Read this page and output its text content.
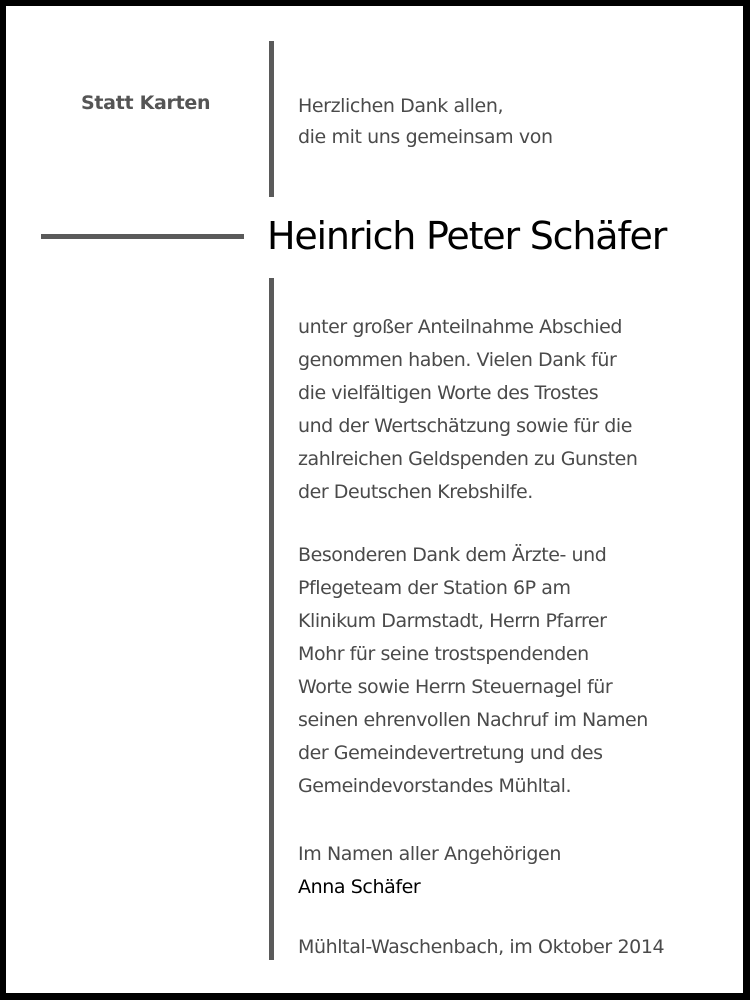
Statt Karten	Herzlichen Dank allen,
die mit uns gemeinsam von
Heinrich Peter Schäfer
unter großer Anteilnahme Abschied
genommen haben. Vielen Dank für
die vielfältigen Worte des Trostes
und der Wertschätzung sowie für die
zahlreichen Geldspenden zu Gunsten
der Deutschen Krebshilfe.
Besonderen Dank dem Ärzte- und
Pflegeteam der Station 6P am
Klinikum Darmstadt, Herrn Pfarrer
Mohr für seine trostspendenden
Worte sowie Herrn Steuernagel für
seinen ehrenvollen Nachruf im Namen
der Gemeindevertretung und des
Gemeindevorstandes Mühltal.
Im Namen aller Angehörigen
Anna Schäfer
Mühltal-Waschenbach, im Oktober 2014
